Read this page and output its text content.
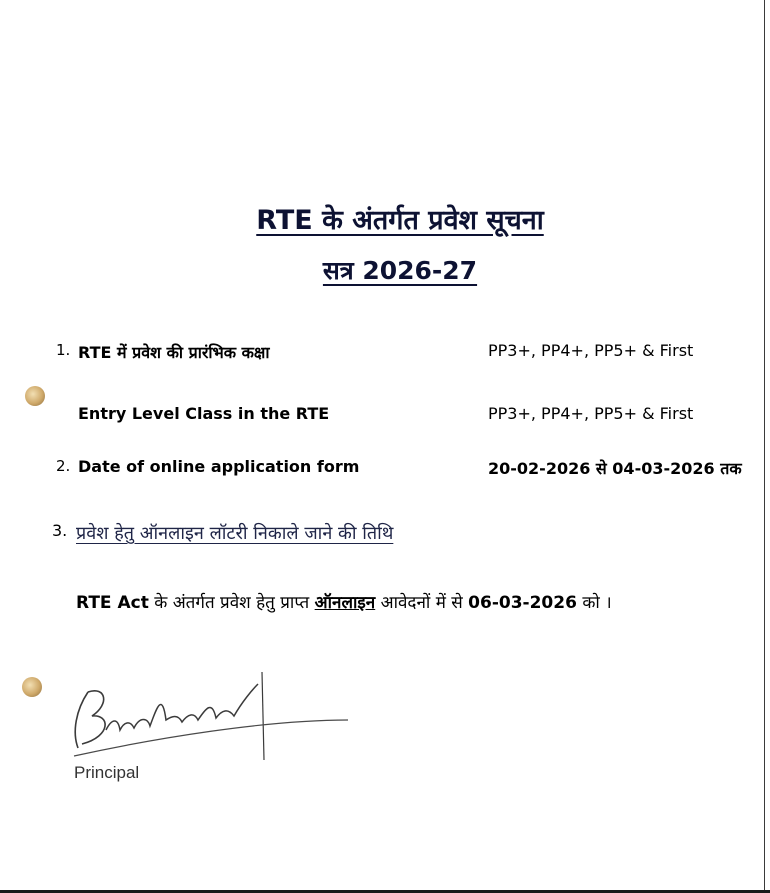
RTE के अंतर्गत प्रवेश सूचना
सत्र 2026-27
1. RTE में प्रवेश की प्रारंभिक कक्षा	PP3+, PP4+, PP5+ & First
Entry Level Class in the RTE	PP3+, PP4+, PP5+ & First
2. Date of online application form	20-02-2026 से 04-03-2026 तक
3. प्रवेश हेतु ऑनलाइन लॉटरी निकाले जाने की तिथि
RTE Act के अंतर्गत प्रवेश हेतु प्राप्त ऑनलाइन आवेदनों में से 06-03-2026 को ।
Principal
